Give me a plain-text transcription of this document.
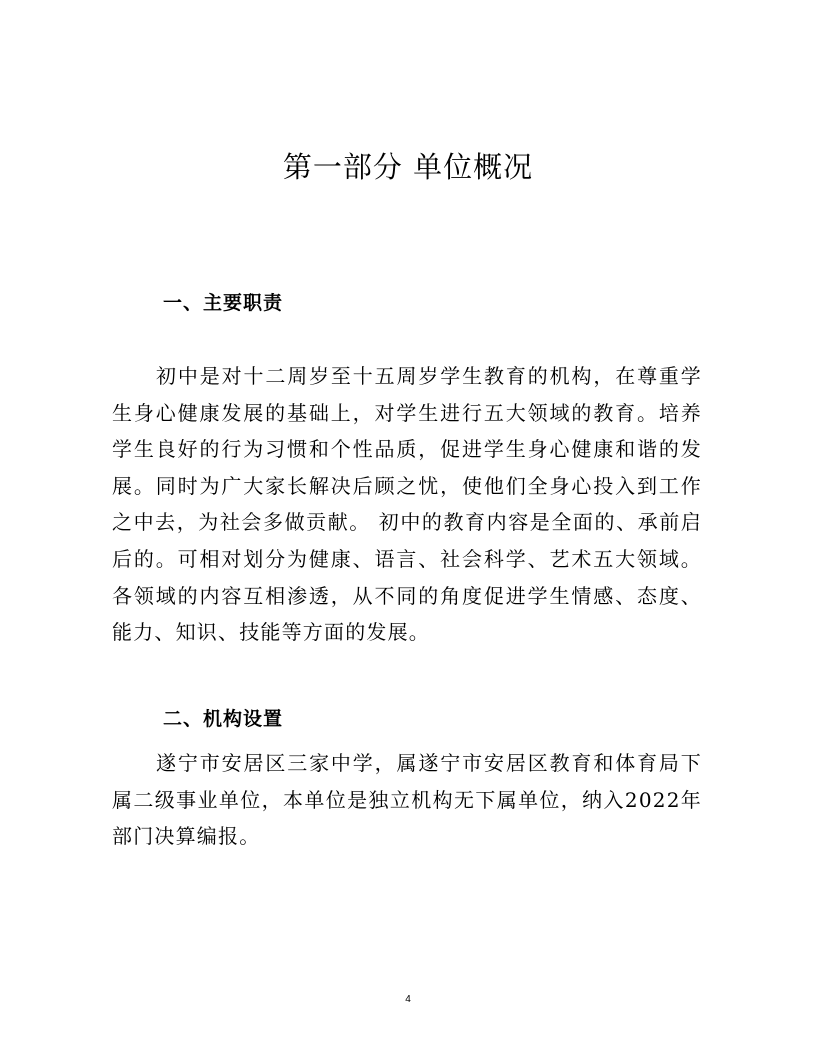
第一部分 单位概况
一、主要职责

初中是对十二周岁至十五周岁学生教育的机构，在尊重学生身心健康发展的基础上，对学生进行五大领域的教育。培养学生良好的行为习惯和个性品质，促进学生身心健康和谐的发展。同时为广大家长解决后顾之忧，使他们全身心投入到工作之中去，为社会多做贡献。 初中的教育内容是全面的、承前启后的。可相对划分为健康、语言、社会科学、艺术五大领域。各领域的内容互相渗透，从不同的角度促进学生情感、态度、能力、知识、技能等方面的发展。

二、机构设置

遂宁市安居区三家中学，属遂宁市安居区教育和体育局下属二级事业单位，本单位是独立机构无下属单位，纳入2022年部门决算编报。

4
